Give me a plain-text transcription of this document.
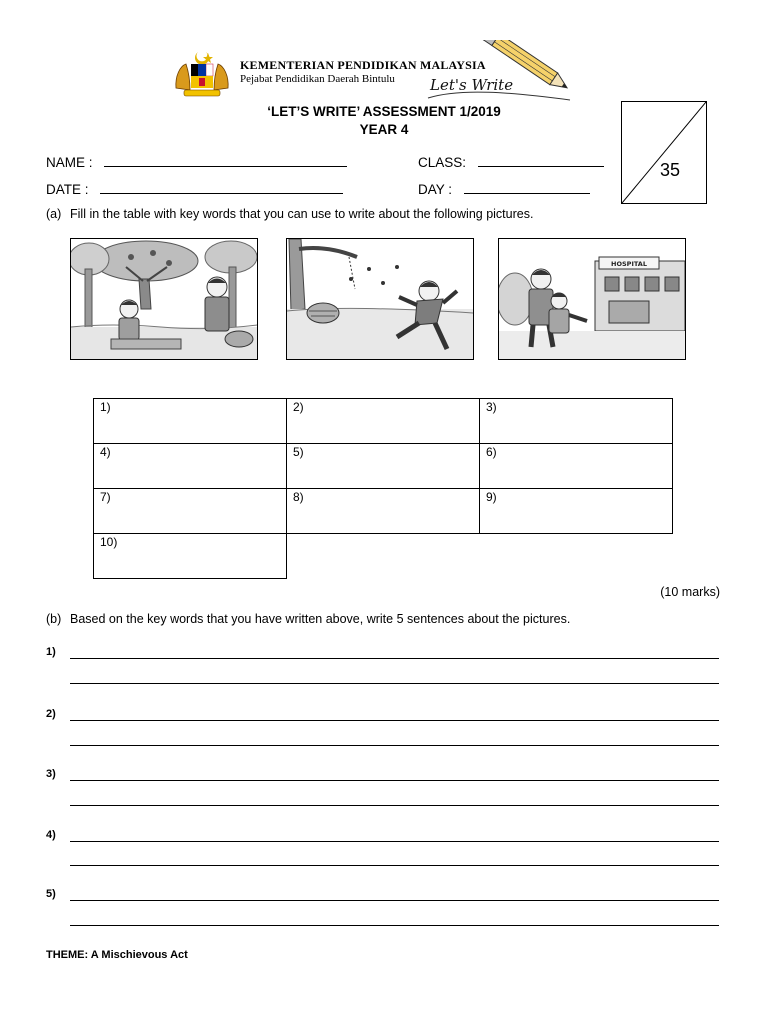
KEMENTERIAN PENDIDIKAN MALAYSIA
Pejabat Pendidikan Daerah Bintulu Let's Write
‘LET’S WRITE’ ASSESSMENT 1/2019
YEAR 4
35
NAME :
DATE :
CLASS:
DAY :
(a) Fill in the table with key words that you can use to write about the following pictures.
HOSPITAL
1)	2)	3)
4)	5)	6)
7)	8)	9)
10)		
(10 marks)
(b) Based on the key words that you have written above, write 5 sentences about the pictures.
1)
2)
3)
4)
5)
THEME: A Mischievous Act
